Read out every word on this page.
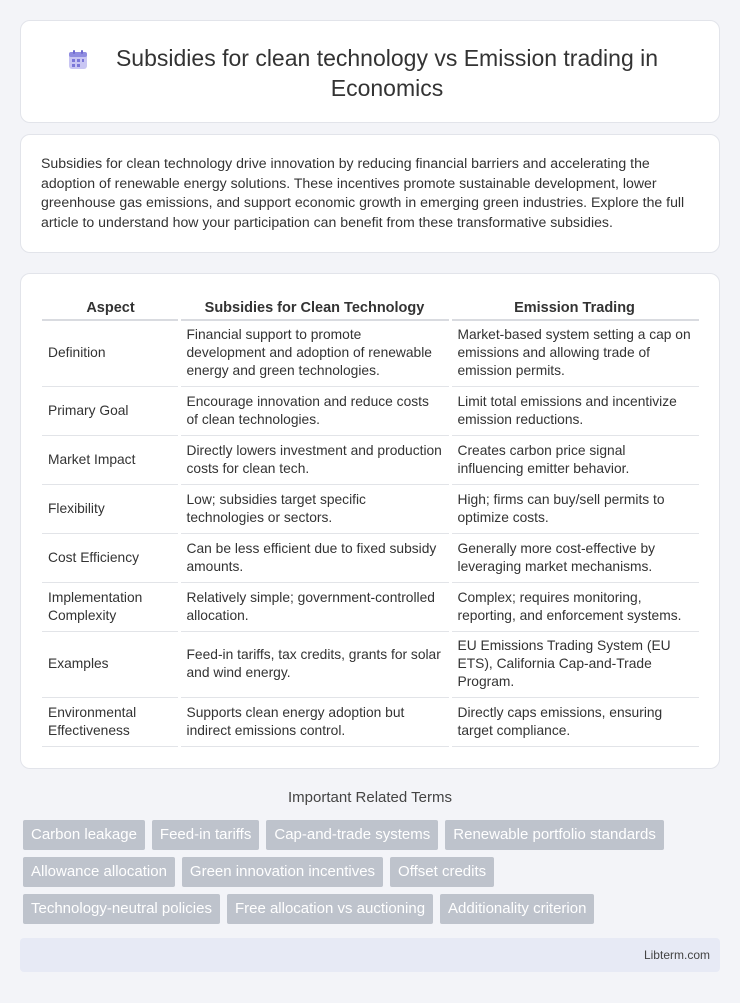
Subsidies for clean technology vs Emission trading in Economics

Subsidies for clean technology drive innovation by reducing financial barriers and accelerating the adoption of renewable energy solutions. These incentives promote sustainable development, lower greenhouse gas emissions, and support economic growth in emerging green industries. Explore the full article to understand how your participation can benefit from these transformative subsidies.

Aspect	Subsidies for Clean Technology	Emission Trading
Definition	Financial support to promote development and adoption of renewable energy and green technologies.	Market-based system setting a cap on emissions and allowing trade of emission permits.
Primary Goal	Encourage innovation and reduce costs of clean technologies.	Limit total emissions and incentivize emission reductions.
Market Impact	Directly lowers investment and production costs for clean tech.	Creates carbon price signal influencing emitter behavior.
Flexibility	Low; subsidies target specific technologies or sectors.	High; firms can buy/sell permits to optimize costs.
Cost Efficiency	Can be less efficient due to fixed subsidy amounts.	Generally more cost-effective by leveraging market mechanisms.
Implementation Complexity	Relatively simple; government-controlled allocation.	Complex; requires monitoring, reporting, and enforcement systems.
Examples	Feed-in tariffs, tax credits, grants for solar and wind energy.	EU Emissions Trading System (EU ETS), California Cap-and-Trade Program.
Environmental Effectiveness	Supports clean energy adoption but indirect emissions control.	Directly caps emissions, ensuring target compliance.
Important Related Terms
Carbon leakage	Feed-in tariffs	Cap-and-trade systems	Renewable portfolio standards
Allowance allocation	Green innovation incentives	Offset credits
Technology-neutral policies	Free allocation vs auctioning	Additionality criterion
Libterm.com
